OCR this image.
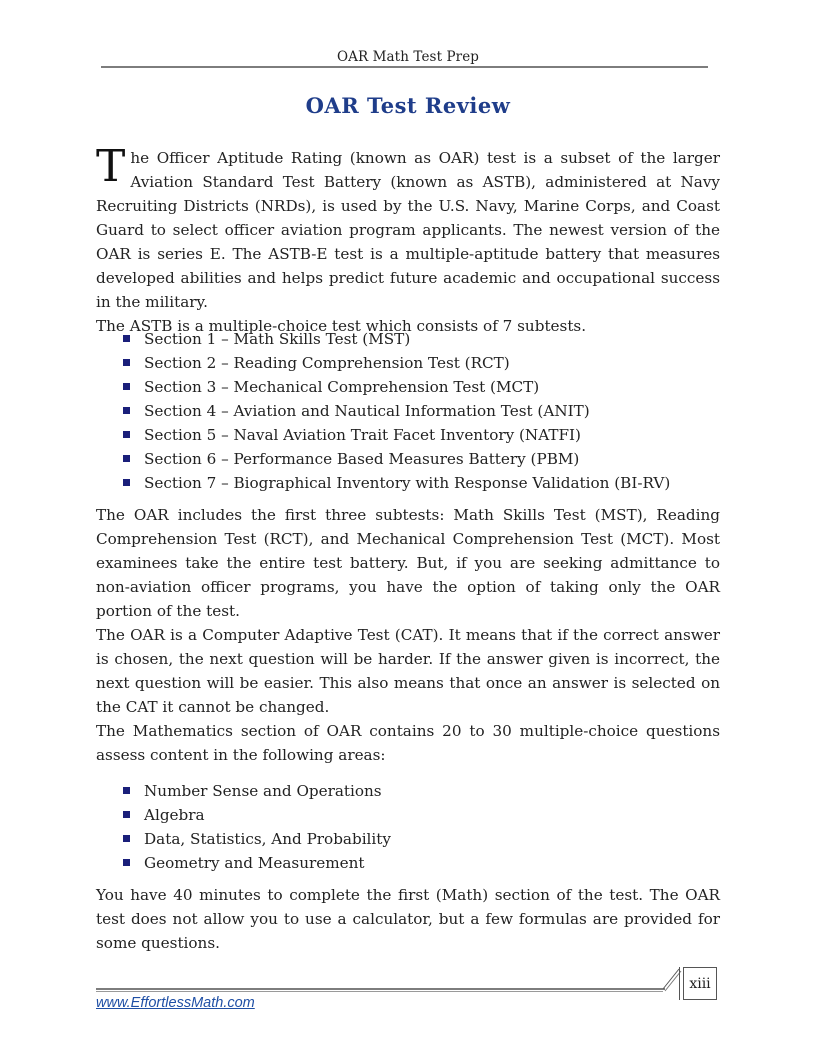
OAR Math Test Prep
OAR Test Review

The Officer Aptitude Rating (known as OAR) test is a subset of the larger Aviation Standard Test Battery (known as ASTB), administered at Navy Recruiting Districts (NRDs), is used by the U.S. Navy, Marine Corps, and Coast Guard to select officer aviation program applicants. The newest version of the OAR is series E. The ASTB-E test is a multiple-aptitude battery that measures developed abilities and helps predict future academic and occupational success in the military.

The ASTB is a multiple-choice test which consists of 7 subtests.

Section 1 – Math Skills Test (MST)
Section 2 – Reading Comprehension Test (RCT)
Section 3 – Mechanical Comprehension Test (MCT)
Section 4 – Aviation and Nautical Information Test (ANIT)
Section 5 – Naval Aviation Trait Facet Inventory (NATFI)
Section 6 – Performance Based Measures Battery (PBM)
Section 7 – Biographical Inventory with Response Validation (BI-RV)

The OAR includes the first three subtests: Math Skills Test (MST), Reading Comprehension Test (RCT), and Mechanical Comprehension Test (MCT). Most examinees take the entire test battery. But, if you are seeking admittance to non-aviation officer programs, you have the option of taking only the OAR portion of the test.

The OAR is a Computer Adaptive Test (CAT). It means that if the correct answer is chosen, the next question will be harder. If the answer given is incorrect, the next question will be easier. This also means that once an answer is selected on the CAT it cannot be changed.

The Mathematics section of OAR contains 20 to 30 multiple-choice questions assess content in the following areas:

Number Sense and Operations
Algebra
Data, Statistics, And Probability
Geometry and Measurement

You have 40 minutes to complete the first (Math) section of the test. The OAR test does not allow you to use a calculator, but a few formulas are provided for some questions.

xiii
www.EffortlessMath.com
